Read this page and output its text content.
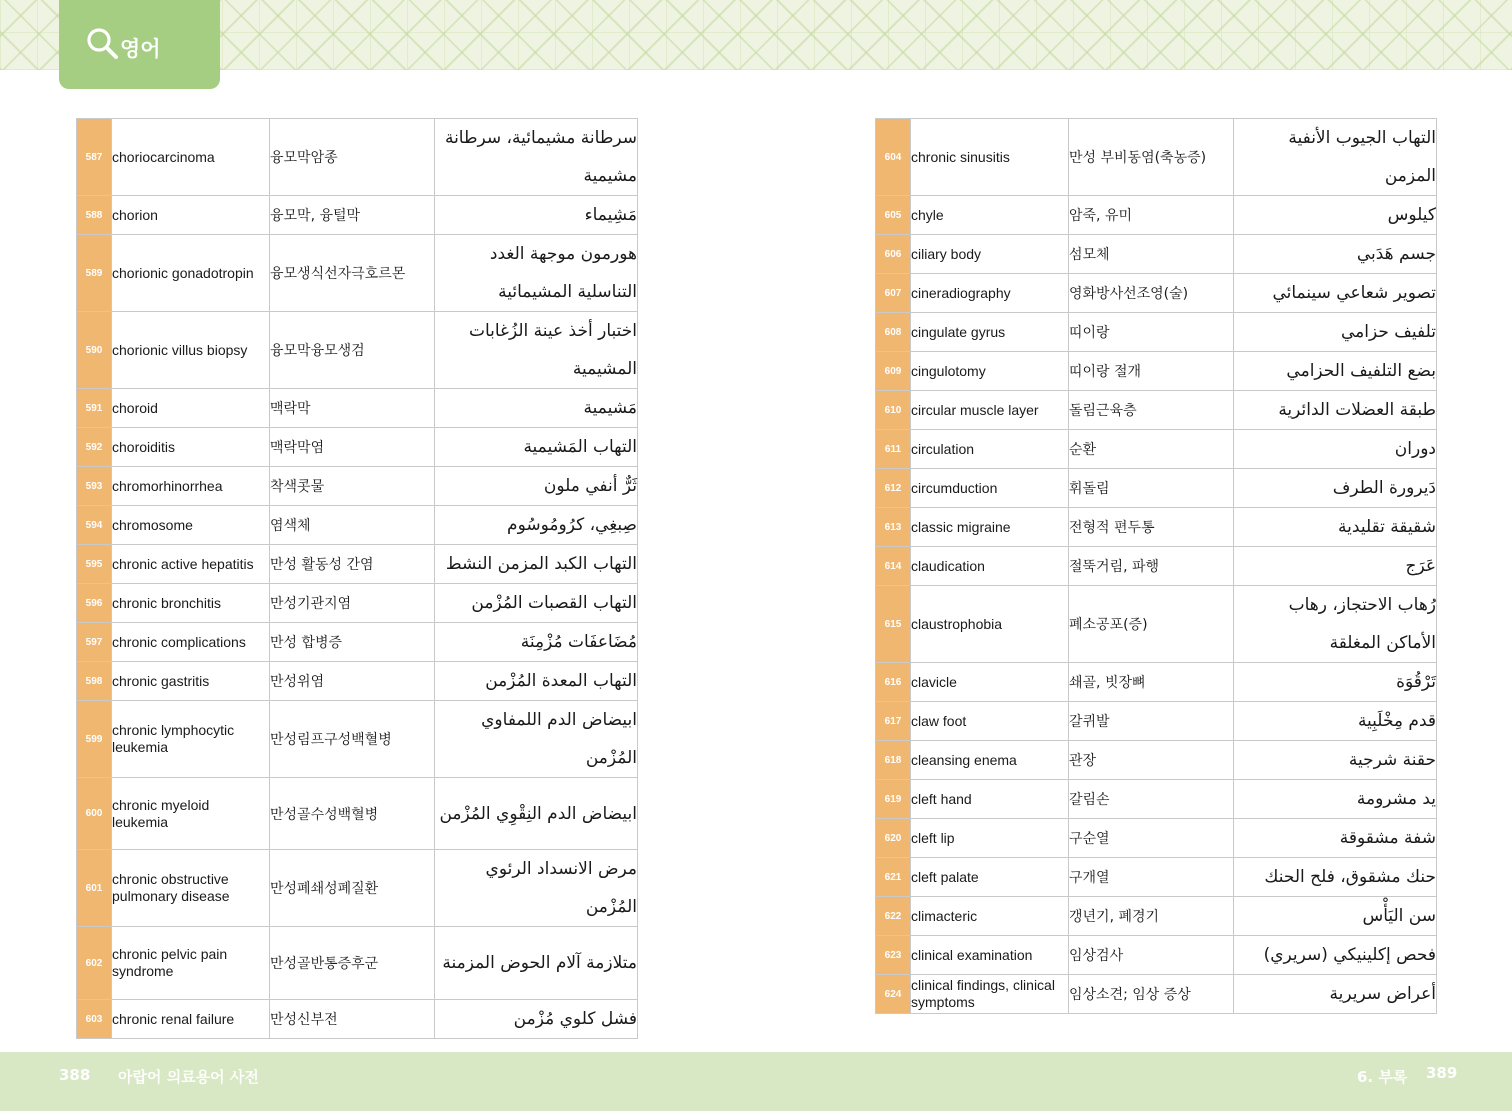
영어
587	choriocarcinoma	융모막암종	سرطانة مشيمائية، سرطانة مشيمية
588	chorion	융모막, 융털막	مَشِيماء
589	chorionic gonadotropin	융모생식선자극호르몬	هورمون موجهة الغدد التناسلية المشيمائية
590	chorionic villus biopsy	융모막융모생검	اختبار أخذ عينة الزُغابات المشيمية
591	choroid	맥락막	مَشيمية
592	choroiditis	맥락막염	التهاب المَشيمية
593	chromorhinorrhea	착색콧물	ثَرٌّ أنفي ملون
594	chromosome	염색체	صِبغِي، كرُومُوسُوم
595	chronic active hepatitis	만성 활동성 간염	التهاب الكبد المزمن النشط
596	chronic bronchitis	만성기관지염	التهاب القصبات المُزْمن
597	chronic complications	만성 합병증	مُضَاعفَات مُزْمِنَة
598	chronic gastritis	만성위염	التهاب المعدة المُزْمن
599	chronic lymphocytic leukemia	만성림프구성백혈병	ابيضاض الدم اللمفاوي المُزْمن
600	chronic myeloid leukemia	만성골수성백혈병	ابيضاض الدم النِقْوِي المُزْمن
601	chronic obstructive pulmonary disease	만성폐쇄성폐질환	مرض الانسداد الرئوي المُزْمن
602	chronic pelvic pain syndrome	만성골반통증후군	متلازمة آلام الحوض المزمنة
603	chronic renal failure	만성신부전	فشل كلوي مُزْمن
604	chronic sinusitis	만성 부비동염(축농증)	التهاب الجيوب الأنفية المزمن
605	chyle	암죽, 유미	كيلوس
606	ciliary body	섬모체	جسم هَدَبي
607	cineradiography	영화방사선조영(술)	تصوير شعاعي سينمائي
608	cingulate gyrus	띠이랑	تلفيف حزامي
609	cingulotomy	띠이랑 절개	بضع التلفيف الحزامي
610	circular muscle layer	돌림근육층	طبقة العضلات الدائرية
611	circulation	순환	دوران
612	circumduction	휘돌림	دَيرورة الطرف
613	classic migraine	전형적 편두통	شقيقة تقليدية
614	claudication	절뚝거림, 파행	عَرَج
615	claustrophobia	폐소공포(증)	رُهاب الاحتجاز، رهاب الأماكن المغلقة
616	clavicle	쇄골, 빗장뼈	تَرْقُوَة
617	claw foot	갈퀴발	قدم مِخْلَبِية
618	cleansing enema	관장	حقنة شرجية
619	cleft hand	갈림손	يد مشرومة
620	cleft lip	구순열	شفة مشقوقة
621	cleft palate	구개열	حنك مشقوق، فلح الحنك
622	climacteric	갱년기, 폐경기	سن اليَأْس
623	clinical examination	임상검사	فحص إكلينيكي (سريري)
624	clinical findings, clinical symptoms	임상소견; 임상 증상	أعراض سريرية
388 아랍어 의료용어 사전	6. 부록 389
